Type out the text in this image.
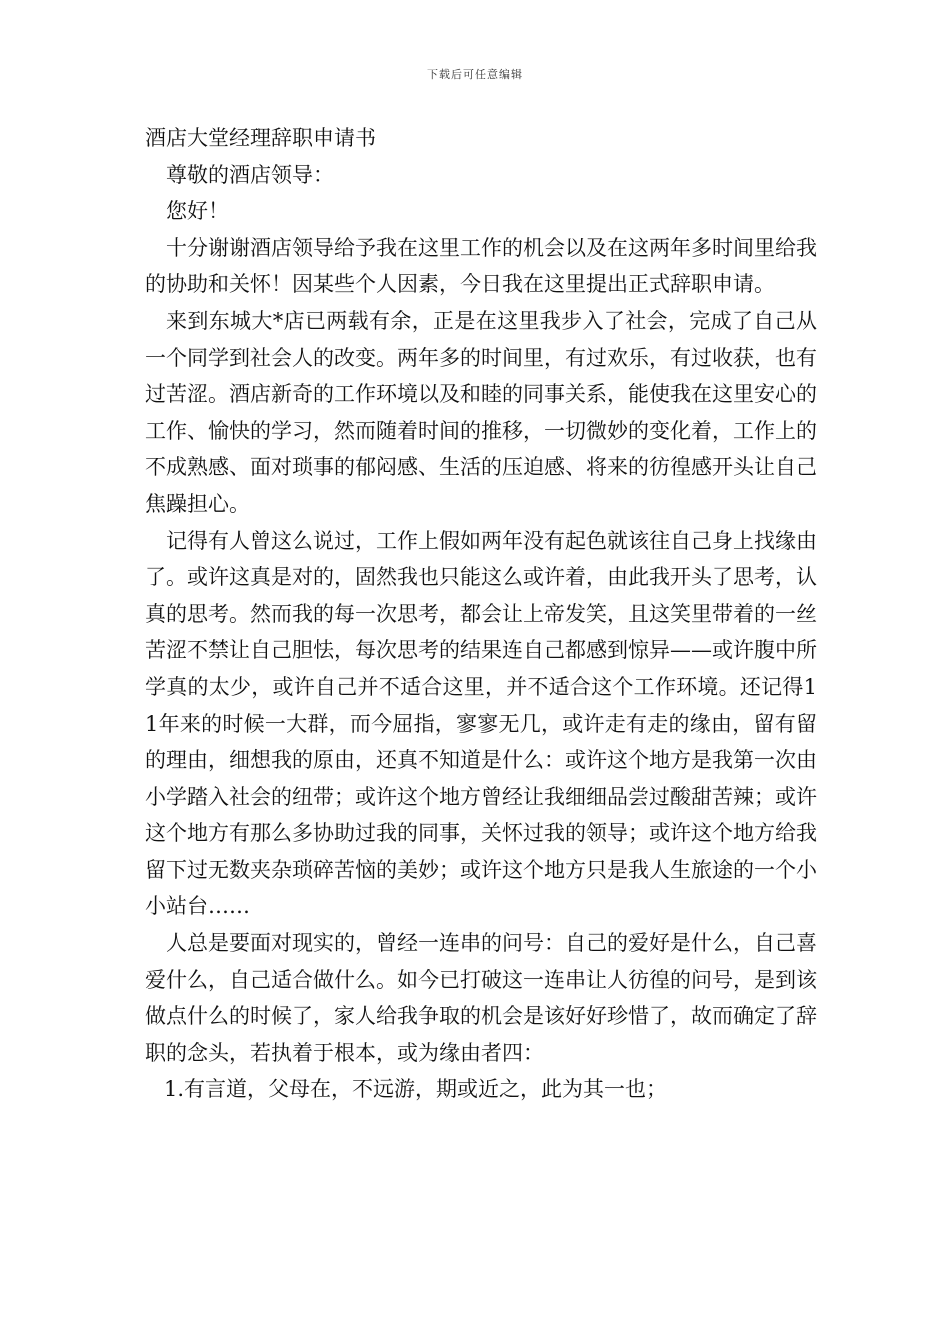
下载后可任意编辑
酒店大堂经理辞职申请书

尊敬的酒店领导：

您好！

十分谢谢酒店领导给予我在这里工作的机会以及在这两年多时间里给我的协助和关怀！因某些个人因素，今日我在这里提出正式辞职申请。

来到东城大*店已两载有余，正是在这里我步入了社会，完成了自己从一个同学到社会人的改变。两年多的时间里，有过欢乐，有过收获，也有过苦涩。酒店新奇的工作环境以及和睦的同事关系，能使我在这里安心的工作、愉快的学习，然而随着时间的推移，一切微妙的变化着，工作上的不成熟感、面对琐事的郁闷感、生活的压迫感、将来的彷徨感开头让自己焦躁担心。

记得有人曾这么说过，工作上假如两年没有起色就该往自己身上找缘由了。或许这真是对的，固然我也只能这么或许着，由此我开头了思考，认真的思考。然而我的每一次思考，都会让上帝发笑，且这笑里带着的一丝苦涩不禁让自己胆怯，每次思考的结果连自己都感到惊异——或许腹中所学真的太少，或许自己并不适合这里，并不适合这个工作环境。还记得11年来的时候一大群，而今屈指，寥寥无几，或许走有走的缘由，留有留的理由，细想我的原由，还真不知道是什么：或许这个地方是我第一次由小学踏入社会的纽带；或许这个地方曾经让我细细品尝过酸甜苦辣；或许这个地方有那么多协助过我的同事，关怀过我的领导；或许这个地方给我留下过无数夹杂琐碎苦恼的美妙；或许这个地方只是我人生旅途的一个小小站台……

人总是要面对现实的，曾经一连串的问号：自己的爱好是什么，自己喜爱什么，自己适合做什么。如今已打破这一连串让人彷徨的问号，是到该做点什么的时候了，家人给我争取的机会是该好好珍惜了，故而确定了辞职的念头，若执着于根本，或为缘由者四：

1.有言道，父母在，不远游，期或近之，此为其一也；
